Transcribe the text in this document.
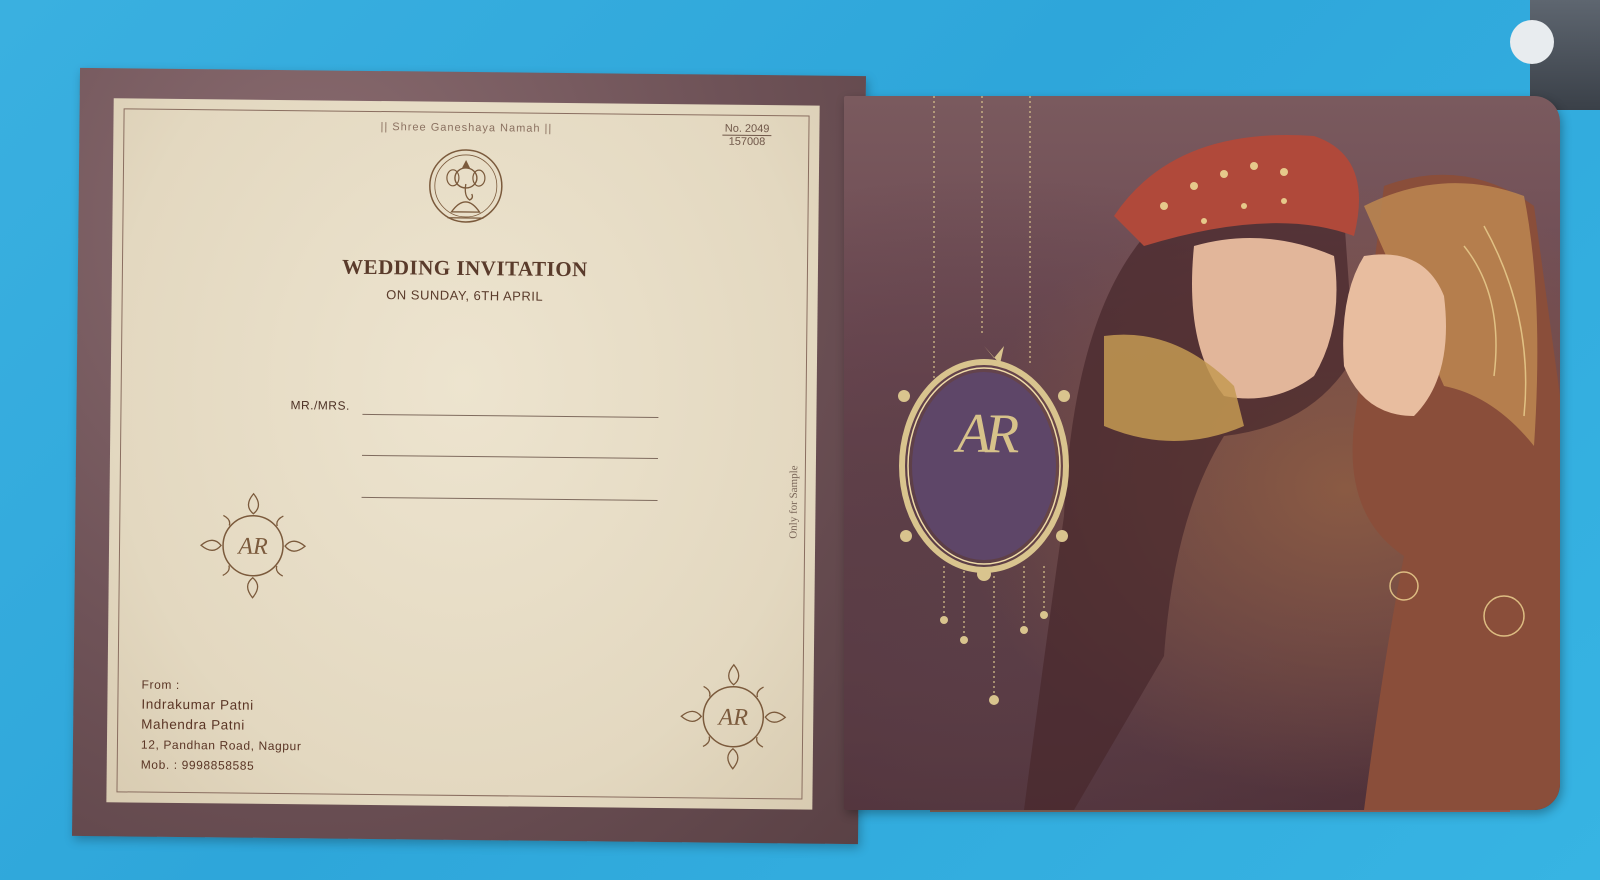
|| Shree Ganeshaya Namah ||	No. 2049
157008
WEDDING INVITATION
ON SUNDAY, 6TH APRIL
MR./MRS.
Only for Sample
AR
AR
From :
Indrakumar Patni
Mahendra Patni
12, Pandhan Road, Nagpur
Mob. : 9998858585
AR
